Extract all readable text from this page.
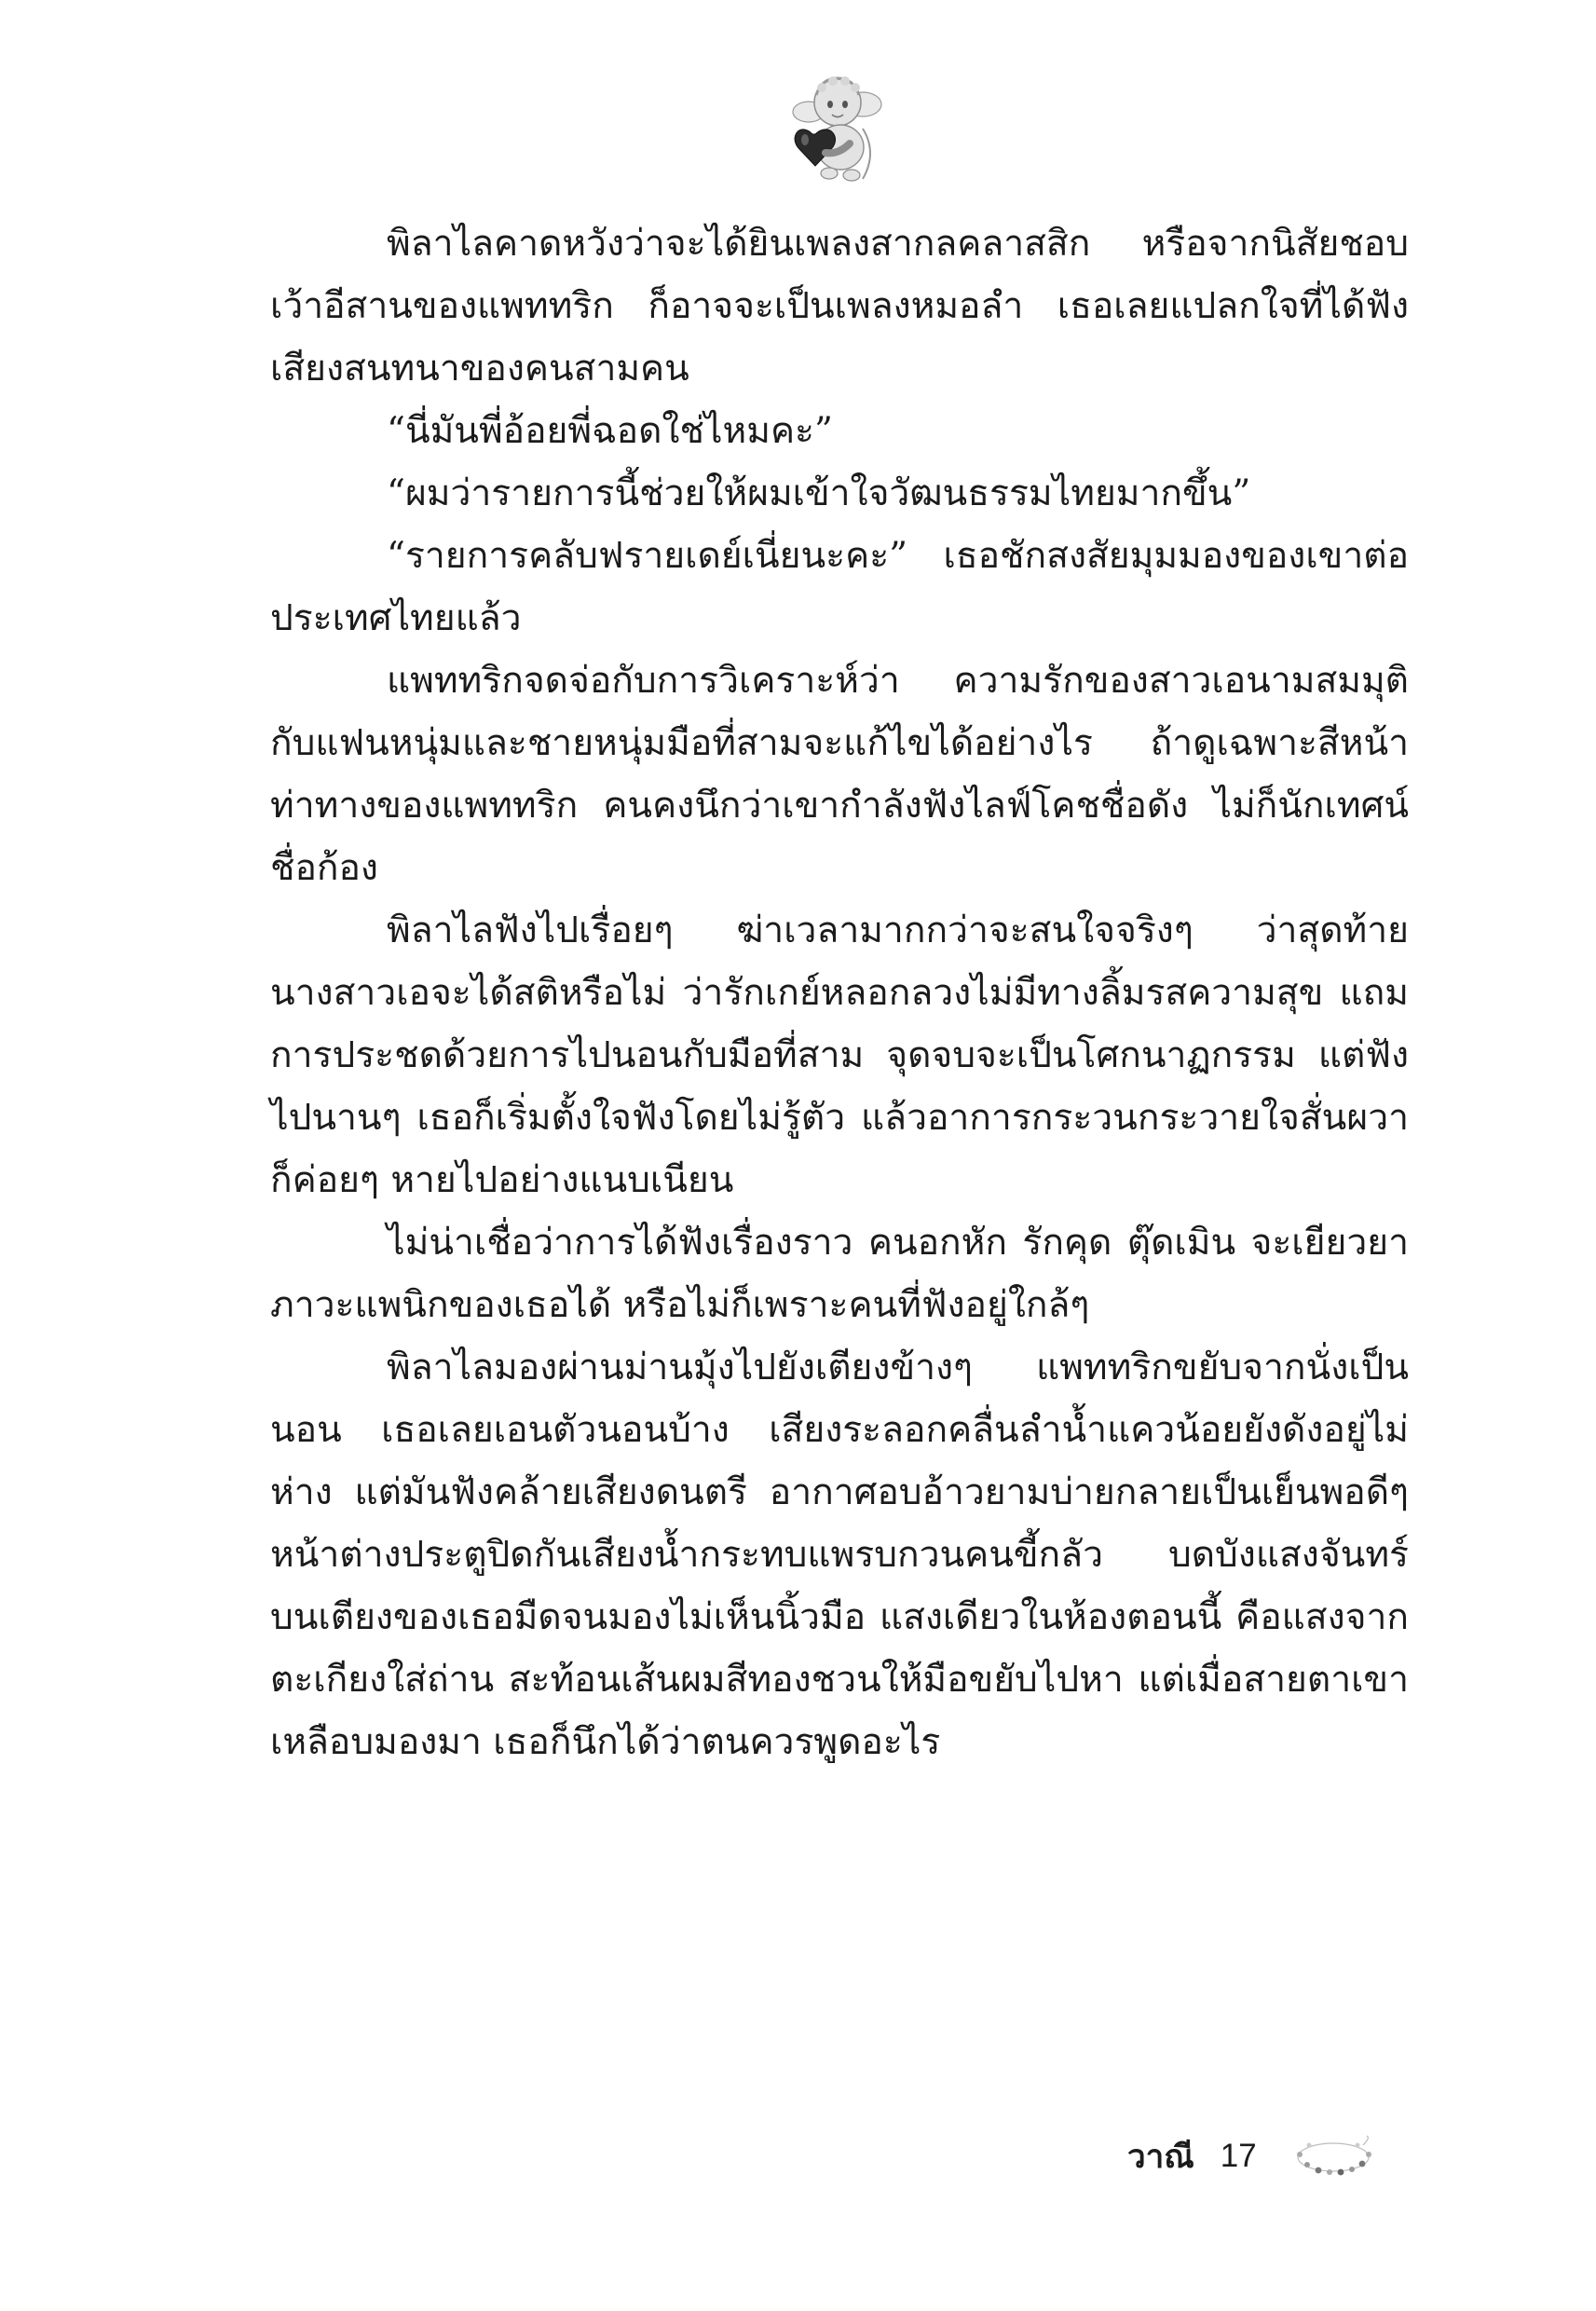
พิลาไลคาดหวังว่าจะได้ยินเพลงสากลคลาสสิก หรือจากนิสัยชอบเว้าอีสานของแพททริก ก็อาจจะเป็นเพลงหมอลำ เธอเลยแปลกใจที่ได้ฟังเสียงสนทนาของคนสามคน

“นี่มันพี่อ้อยพี่ฉอดใช่ไหมคะ”

“ผมว่ารายการนี้ช่วยให้ผมเข้าใจวัฒนธรรมไทยมากขึ้น”

“รายการคลับฟรายเดย์เนี่ยนะคะ” เธอชักสงสัยมุมมองของเขาต่อประเทศไทยแล้ว

แพททริกจดจ่อกับการวิเคราะห์ว่า ความรักของสาวเอนามสมมุติกับแฟนหนุ่มและชายหนุ่มมือที่สามจะแก้ไขได้อย่างไร ถ้าดูเฉพาะสีหน้าท่าทางของแพททริก คนคงนึกว่าเขากำลังฟังไลฟ์โคชชื่อดัง ไม่ก็นักเทศน์ชื่อก้อง

พิลาไลฟังไปเรื่อยๆ ฆ่าเวลามากกว่าจะสนใจจริงๆ ว่าสุดท้ายนางสาวเอจะได้สติหรือไม่ ว่ารักเกย์หลอกลวงไม่มีทางลิ้มรสความสุข แถมการประชดด้วยการไปนอนกับมือที่สาม จุดจบจะเป็นโศกนาฏกรรม แต่ฟังไปนานๆ เธอก็เริ่มตั้งใจฟังโดยไม่รู้ตัว แล้วอาการกระวนกระวายใจสั่นผวาก็ค่อยๆ หายไปอย่างแนบเนียน

ไม่น่าเชื่อว่าการได้ฟังเรื่องราว คนอกหัก รักคุด ตุ๊ดเมิน จะเยียวยาภาวะแพนิกของเธอได้ หรือไม่ก็เพราะคนที่ฟังอยู่ใกล้ๆ

พิลาไลมองผ่านม่านมุ้งไปยังเตียงข้างๆ แพททริกขยับจากนั่งเป็นนอน เธอเลยเอนตัวนอนบ้าง เสียงระลอกคลื่นลำน้ำแควน้อยยังดังอยู่ไม่ห่าง แต่มันฟังคล้ายเสียงดนตรี อากาศอบอ้าวยามบ่ายกลายเป็นเย็นพอดีๆ หน้าต่างประตูปิดกันเสียงน้ำกระทบแพรบกวนคนขี้กลัว บดบังแสงจันทร์ บนเตียงของเธอมืดจนมองไม่เห็นนิ้วมือ แสงเดียวในห้องตอนนี้ คือแสงจากตะเกียงใส่ถ่าน สะท้อนเส้นผมสีทองชวนให้มือขยับไปหา แต่เมื่อสายตาเขาเหลือบมองมา เธอก็นึกได้ว่าตนควรพูดอะไร

วาณี 17
